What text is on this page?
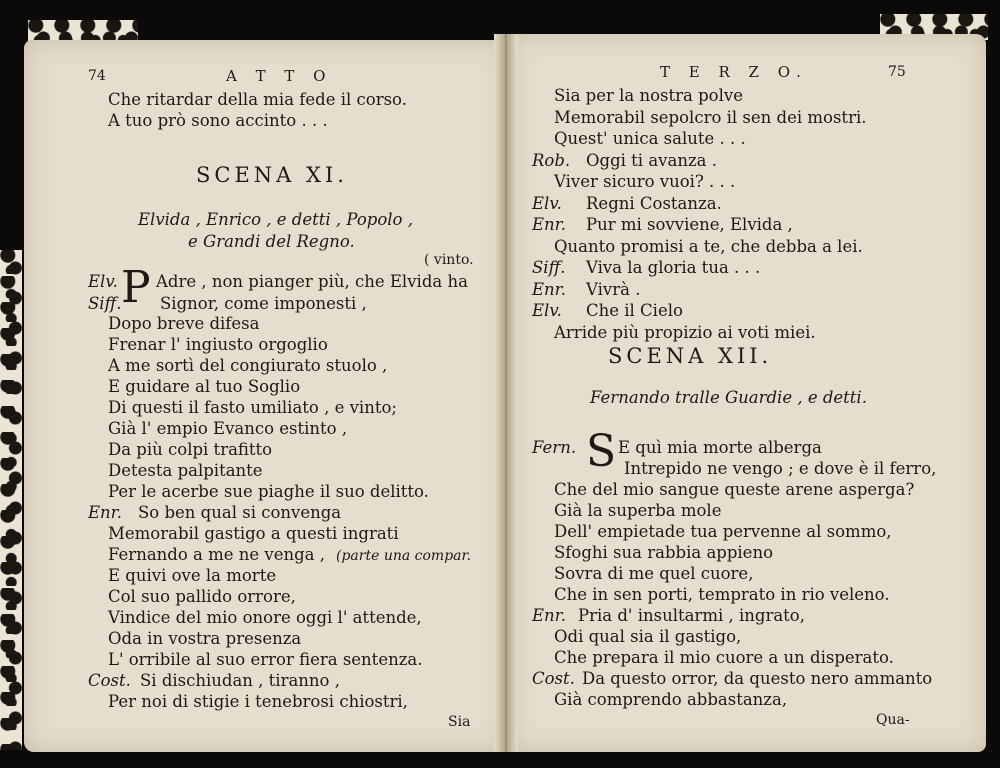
74	A T T O
Che ritardar della mia fede il corso.
A tuo prò sono accinto . . .
SCENA XI.
Elvida , Enrico , e detti , Popolo ,
e Grandi del Regno.
( vinto.
Elv. P Adre , non pianger più, che Elvida ha
Siff. Signor, come imponesti ,
Dopo breve difesa
Frenar l' ingiusto orgoglio
A me sortì del congiurato stuolo ,
E guidare al tuo Soglio
Di questi il fasto umiliato , e vinto;
Già l' empio Evanco estinto ,
Da più colpi trafitto
Detesta palpitante
Per le acerbe sue piaghe il suo delitto.
Enr. So ben qual si convenga
Memorabil gastigo a questi ingrati
Fernando a me ne venga , (parte una compar.
E quivi ove la morte
Col suo pallido orrore,
Vindice del mio onore oggi l' attende,
Oda in vostra presenza
L' orribile al suo error fiera sentenza.
Cost. Si dischiudan , tiranno ,
Per noi di stigie i tenebrosi chiostri,
Sia
T E R Z O.	75
Sia per la nostra polve
Memorabil sepolcro il sen dei mostri.
Quest' unica salute . . .
Rob. Oggi ti avanza .
Viver sicuro vuoi? . . .
Elv. Regni Costanza.
Enr. Pur mi sovviene, Elvida ,
Quanto promisi a te, che debba a lei.
Siff. Viva la gloria tua . . .
Enr. Vivrà .
Elv. Che il Cielo
Arride più propizio ai voti miei.
SCENA XII.
Fernando tralle Guardie , e detti.
Fern. S E quì mia morte alberga
Intrepido ne vengo ; e dove è il ferro,
Che del mio sangue queste arene asperga?
Già la superba mole
Dell' empietade tua pervenne al sommo,
Sfoghi sua rabbia appieno
Sovra di me quel cuore,
Che in sen porti, temprato in rio veleno.
Enr. Pria d' insultarmi , ingrato,
Odi qual sia il gastigo,
Che prepara il mio cuore a un disperato.
Cost. Da questo orror, da questo nero ammanto
Già comprendo abbastanza,
Qua-
